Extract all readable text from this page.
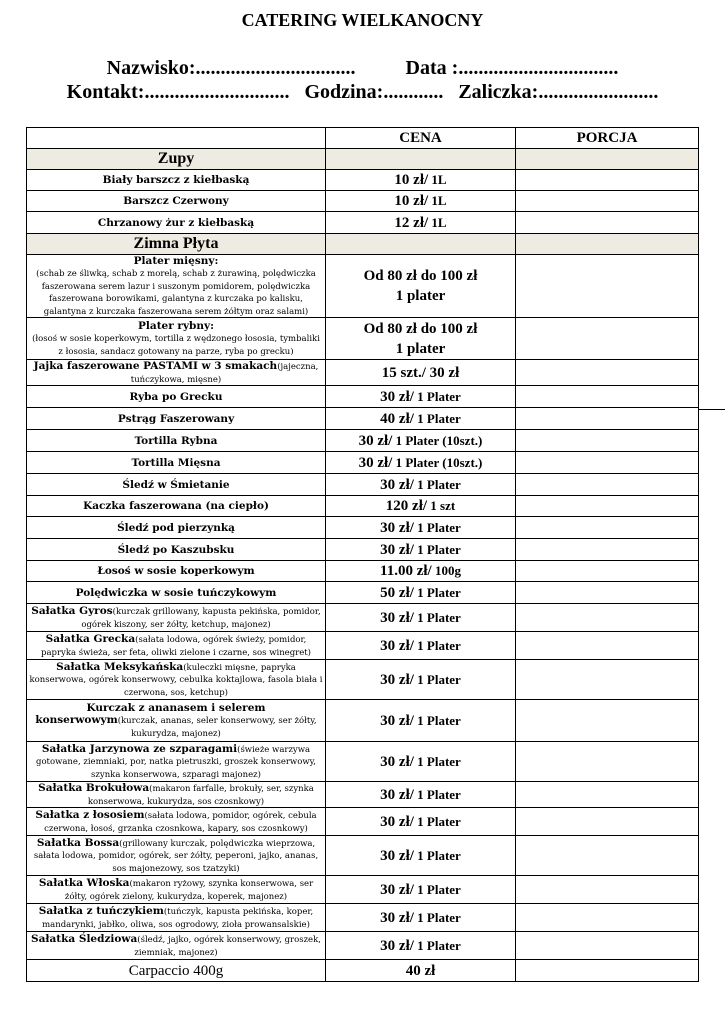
CATERING WIELKANOCNY
Nazwisko:................................          Data :................................
Kontakt:.............................   Godzina:............   Zaliczka:........................
	CENA	PORCJA
Zupy		
Biały barszcz z kiełbaską	10 zł/ 1L	
Barszcz Czerwony	10 zł/ 1L	
Chrzanowy żur z kiełbaską	12 zł/ 1L	
Zimna Płyta		
Plater mięsny:
(schab ze śliwką, schab z morelą, schab z żurawiną, polędwiczka faszerowana serem lazur i suszonym pomidorem, polędwiczka faszerowana borowikami, galantyna z kurczaka po kalisku, galantyna z kurczaka faszerowana serem żółtym oraz salami)	Od 80 zł do 100 zł
1 plater	
Plater rybny:
(łosoś w sosie koperkowym, tortilla z wędzonego łososia, tymbaliki z łososia, sandacz gotowany na parze, ryba po grecku)	Od 80 zł do 100 zł
1 plater	
Jajka faszerowane PASTAMI w 3 smakach(jajeczna, tuńczykowa, mięsne)	15 szt./ 30 zł	
Ryba po Grecku	30 zł/ 1 Plater	
Pstrąg Faszerowany	40 zł/ 1 Plater	
Tortilla Rybna	30 zł/ 1 Plater (10szt.)	
Tortilla Mięsna	30 zł/ 1 Plater (10szt.)	
Śledź w Śmietanie	30 zł/ 1 Plater	
Kaczka faszerowana (na ciepło)	120 zł/ 1 szt	
Śledź pod pierzynką	30 zł/ 1 Plater	
Śledź po Kaszubsku	30 zł/ 1 Plater	
Łosoś w sosie koperkowym	11.00 zł/ 100g	
Polędwiczka w sosie tuńczykowym	50 zł/ 1 Plater	
Sałatka Gyros(kurczak grillowany, kapusta pekińska, pomidor, ogórek kiszony, ser żółty, ketchup, majonez)	30 zł/ 1 Plater	
Sałatka Grecka(sałata lodowa, ogórek świeży, pomidor, papryka świeża, ser feta, oliwki zielone i czarne, sos winegret)	30 zł/ 1 Plater	
Sałatka Meksykańska(kuleczki mięsne, papryka konserwowa, ogórek konserwowy, cebulka koktajlowa, fasola biała i czerwona, sos, ketchup)	30 zł/ 1 Plater	
Kurczak z ananasem i selerem konserwowym(kurczak, ananas, seler konserwowy, ser żółty, kukurydza, majonez)	30 zł/ 1 Plater	
Sałatka Jarzynowa ze szparagami(świeże warzywa gotowane, ziemniaki, por, natka pietruszki, groszek konserwowy, szynka konserwowa, szparagi majonez)	30 zł/ 1 Plater	
Sałatka Brokułowa(makaron farfalle, brokuły, ser, szynka konserwowa, kukurydza, sos czosnkowy)	30 zł/ 1 Plater	
Sałatka z łososiem(sałata lodowa, pomidor, ogórek, cebula czerwona, łosoś, grzanka czosnkowa, kapary, sos czosnkowy)	30 zł/ 1 Plater	
Sałatka Bossa(grillowany kurczak, polędwiczka wieprzowa, sałata lodowa, pomidor, ogórek, ser żółty, peperoni, jajko, ananas, sos majonezowy, sos tzatzyki)	30 zł/ 1 Plater	
Sałatka Włoska(makaron ryżowy, szynka konserwowa, ser żółty, ogórek zielony, kukurydza, koperek, majonez)	30 zł/ 1 Plater	
Sałatka z tuńczykiem(tuńczyk, kapusta pekińska, koper, mandarynki, jabłko, oliwa, sos ogrodowy, zioła prowansalskie)	30 zł/ 1 Plater	
Sałatka Śledziowa(śledź, jajko, ogórek konserwowy, groszek, ziemniak, majonez)	30 zł/ 1 Plater	
Carpaccio 400g	40 zł	
